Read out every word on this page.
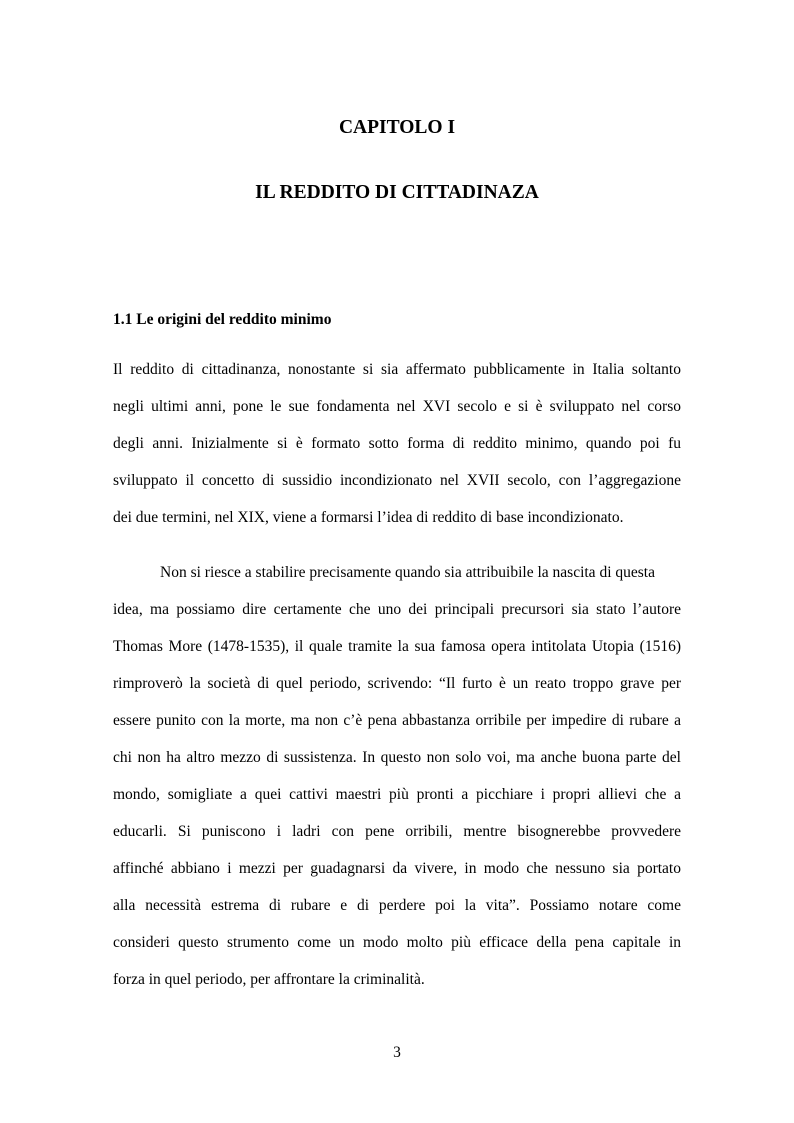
CAPITOLO I
IL REDDITO DI CITTADINAZA
1.1 Le origini del reddito minimo
Il reddito di cittadinanza, nonostante si sia affermato pubblicamente in Italia soltanto
negli ultimi anni, pone le sue fondamenta nel XVI secolo e si è sviluppato nel corso
degli anni. Inizialmente si è formato sotto forma di reddito minimo, quando poi fu
sviluppato il concetto di sussidio incondizionato nel XVII secolo, con l’aggregazione
dei due termini, nel XIX, viene a formarsi l’idea di reddito di base incondizionato.
Non si riesce a stabilire precisamente quando sia attribuibile la nascita di questa
idea, ma possiamo dire certamente che uno dei principali precursori sia stato l’autore
Thomas More (1478-1535), il quale tramite la sua famosa opera intitolata Utopia (1516)
rimproverò la società di quel periodo, scrivendo: “Il furto è un reato troppo grave per
essere punito con la morte, ma non c’è pena abbastanza orribile per impedire di rubare a
chi non ha altro mezzo di sussistenza. In questo non solo voi, ma anche buona parte del
mondo, somigliate a quei cattivi maestri più pronti a picchiare i propri allievi che a
educarli. Si puniscono i ladri con pene orribili, mentre bisognerebbe provvedere
affinché abbiano i mezzi per guadagnarsi da vivere, in modo che nessuno sia portato
alla necessità estrema di rubare e di perdere poi la vita”. Possiamo notare come
consideri questo strumento come un modo molto più efficace della pena capitale in
forza in quel periodo, per affrontare la criminalità.
3
